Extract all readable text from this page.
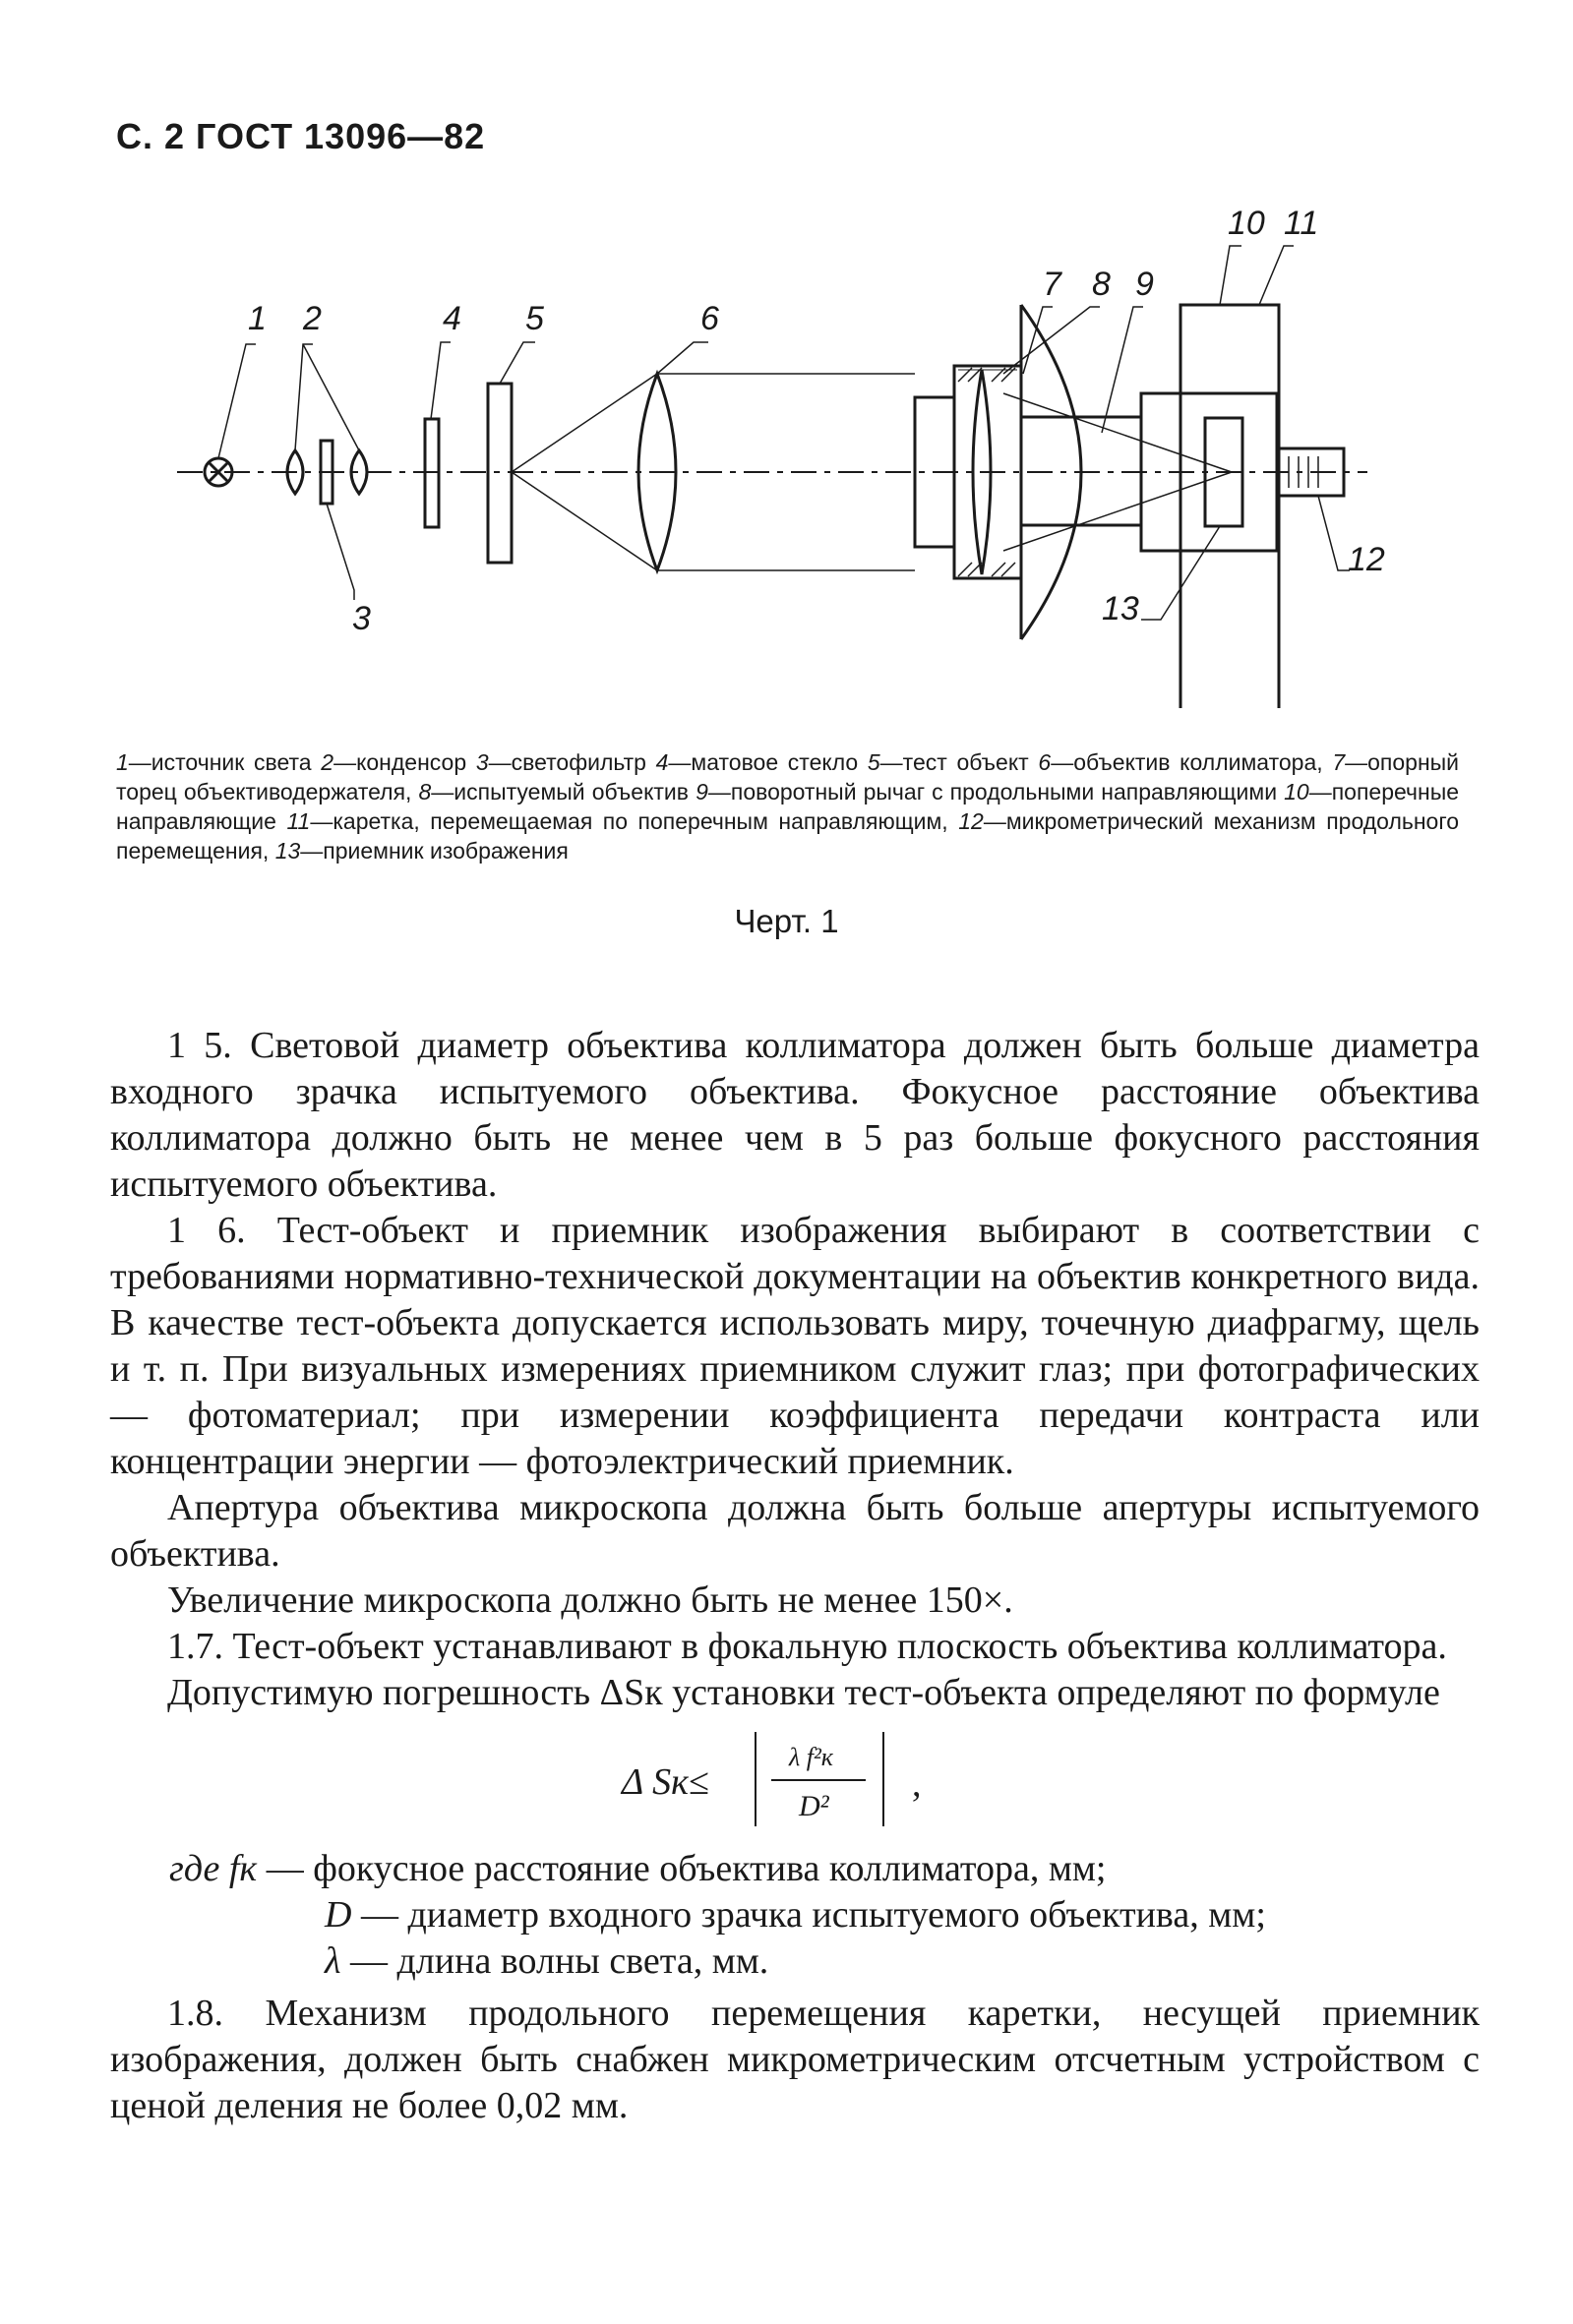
С. 2 ГОСТ 13096—82
1 2
3
4 5	6
7 8 9
10 11
12
13
1—источник света 2—конденсор 3—светофильтр 4—матовое стекло 5—тест объект 6—объектив коллиматора, 7—опорный торец объективодержателя, 8—испытуемый объектив 9—поворотный рычаг с продольными направляющими 10—поперечные направляющие 11—каретка, перемещаемая по поперечным направляющим, 12—микрометрический механизм продольного перемещения, 13—приемник изображения
Черт. 1

1 5. Световой диаметр объектива коллиматора должен быть больше диаметра входного зрачка испытуемого объектива. Фокусное расстояние объектива коллиматора должно быть не менее чем в 5 раз больше фокусного расстояния испытуемого объектива.

1 6. Тест-объект и приемник изображения выбирают в соответствии с требованиями нормативно-технической документации на объектив конкретного вида. В качестве тест-объекта допускается использовать миру, точечную диафрагму, щель и т. п. При визуальных измерениях приемником служит глаз; при фотографических — фотоматериал; при измерении коэффициента передачи контраста или концентрации энергии — фотоэлектрический приемник.

Апертура объектива микроскопа должна быть больше апертуры испытуемого объектива.

Увеличение микроскопа должно быть не менее 150×.

1.7. Тест-объект устанавливают в фокальную плоскость объектива коллиматора.

Допустимую погрешность ΔSк установки тест-объекта определяют по формуле

Δ Sк≤
λ f²к
D²
,
где fк — фокусное расстояние объектива коллиматора, мм;
D — диаметр входного зрачка испытуемого объектива, мм;
λ — длина волны света, мм.

1.8. Механизм продольного перемещения каретки, несущей приемник изображения, должен быть снабжен микрометрическим отсчетным устройством с ценой деления не более 0,02 мм.
